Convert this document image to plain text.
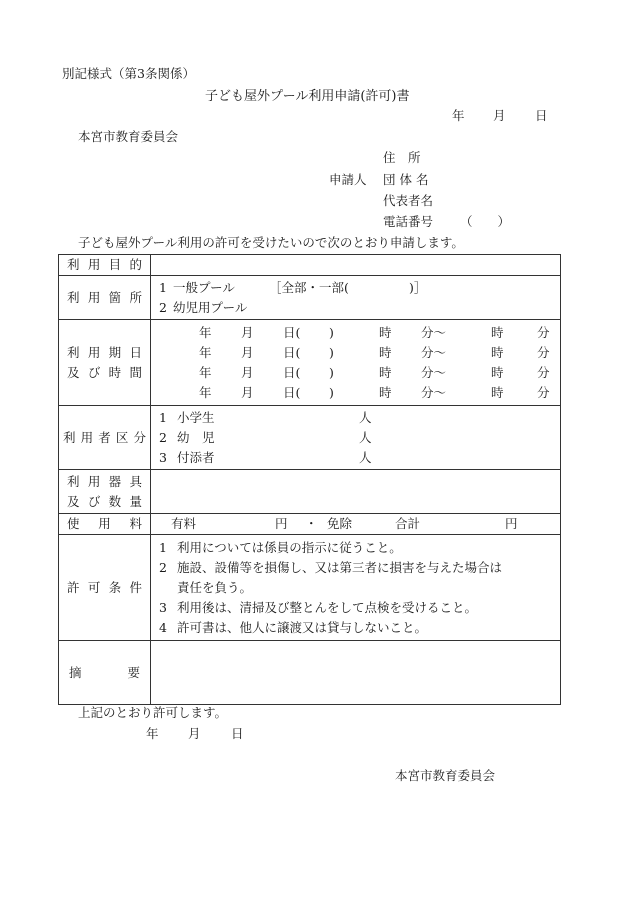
別記様式（第3条関係）
子ども屋外プール利用申請(許可)書
年 月 日
本宮市教育委員会
住　所
申請人 団 体 名
代表者名
電話番号 （　　）
子ども屋外プール利用の許可を受けたいので次のとおり申請します。
利用目的	

利用箇所	1 一般プール ［全部・一部( )］
2 幼児用プール

利用期日
及び時間	年 月 日( ) 時 分～ 時 分
年 月 日( ) 時 分～ 時 分
年 月 日( ) 時 分～ 時 分
年 月 日( ) 時 分～ 時 分

利用者区分	1 小学生 人
2 幼　児 人
3 付添者 人

利用器具
及び数量	

使用料	有料 円 ・ 免除 合計 円

許可条件	1 利用については係員の指示に従うこと。
2 施設、設備等を損傷し、又は第三者に損害を与えた場合は
責任を負う。
3 利用後は、清掃及び整とんをして点検を受けること。
4 許可書は、他人に譲渡又は貸与しないこと。

摘要	

上記のとおり許可します。
年 月 日
本宮市教育委員会
